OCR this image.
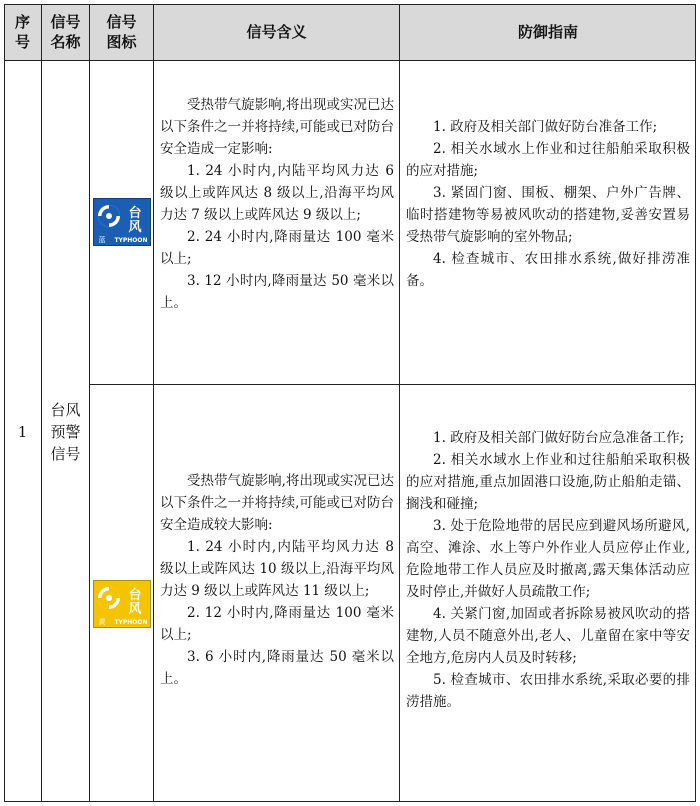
序
号
信号
名称
信号
图标
信号含义	防御指南
1
台风
预警
信号
台
风
蓝 TYPHOON

受热带气旋影响,将出现或实况已达以下条件之一并将持续,可能或已对防台安全造成一定影响:

1. 24 小时内,内陆平均风力达 6 级以上或阵风达 8 级以上,沿海平均风力达 7 级以上或阵风达 9 级以上;

2. 24 小时内,降雨量达 100 毫米以上;

3. 12 小时内,降雨量达 50 毫米以上。

1. 政府及相关部门做好防台准备工作;

2. 相关水域水上作业和过往船舶采取积极的应对措施;

3. 紧固门窗、围板、棚架、户外广告牌、临时搭建物等易被风吹动的搭建物,妥善安置易受热带气旋影响的室外物品;

4. 检查城市、农田排水系统,做好排涝准备。

台
风
黄 TYPHOON

受热带气旋影响,将出现或实况已达以下条件之一并将持续,可能或已对防台安全造成较大影响:

1. 24 小时内,内陆平均风力达 8 级以上或阵风达 10 级以上,沿海平均风力达 9 级以上或阵风达 11 级以上;

2. 12 小时内,降雨量达 100 毫米以上;

3. 6 小时内,降雨量达 50 毫米以上。

1. 政府及相关部门做好防台应急准备工作;

2. 相关水域水上作业和过往船舶采取积极的应对措施,重点加固港口设施,防止船舶走锚、搁浅和碰撞;

3. 处于危险地带的居民应到避风场所避风,高空、滩涂、水上等户外作业人员应停止作业,危险地带工作人员应及时撤离,露天集体活动应及时停止,并做好人员疏散工作;

4. 关紧门窗,加固或者拆除易被风吹动的搭建物,人员不随意外出,老人、儿童留在家中等安全地方,危房内人员及时转移;

5. 检查城市、农田排水系统,采取必要的排涝措施。
